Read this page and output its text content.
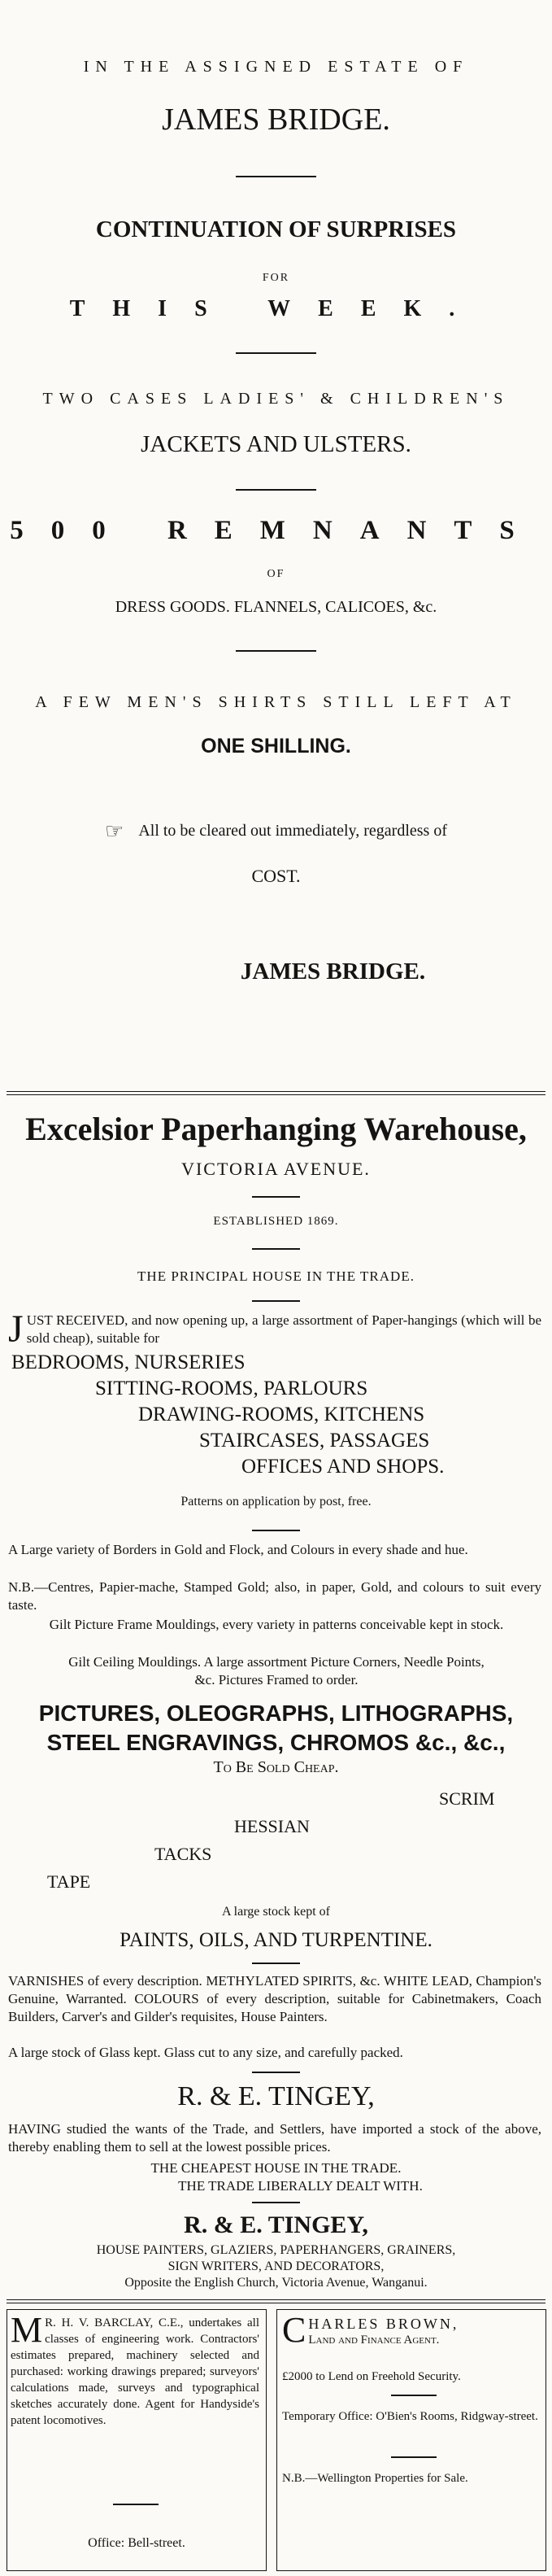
IN THE ASSIGNED ESTATE OF
JAMES BRIDGE.
CONTINUATION OF SURPRISES
FOR
THIS WEEK.
TWO CASES LADIES' & CHILDREN'S
JACKETS AND ULSTERS.
500 REMNANTS
OF
DRESS GOODS. FLANNELS, CALICOES, &c.
A FEW MEN'S SHIRTS STILL LEFT AT
ONE SHILLING.
☞ All to be cleared out immediately, regardless of
COST.
JAMES BRIDGE.
Excelsior Paperhanging Warehouse,
VICTORIA AVENUE.
ESTABLISHED 1869.
THE PRINCIPAL HOUSE IN THE TRADE.
J UST RECEIVED, and now opening up, a large assortment of Paper-hangings (which will be sold cheap), suitable for
BEDROOMS, NURSERIES
SITTING-ROOMS, PARLOURS
DRAWING-ROOMS, KITCHENS
STAIRCASES, PASSAGES
OFFICES AND SHOPS.
Patterns on application by post, free.
A Large variety of Borders in Gold and Flock, and Colours in every shade and hue.
N.B.—Centres, Papier-mache, Stamped Gold; also, in paper, Gold, and colours to suit every taste.
Gilt Picture Frame Mouldings, every variety in patterns conceivable kept in stock.
Gilt Ceiling Mouldings. A large assortment Picture Corners, Needle Points, &c. Pictures Framed to order.
PICTURES, OLEOGRAPHS, LITHOGRAPHS,
STEEL ENGRAVINGS, CHROMOS &c., &c.,
To Be Sold Cheap.
SCRIM
HESSIAN
TACKS
TAPE
A large stock kept of
PAINTS, OILS, AND TURPENTINE.
VARNISHES of every description. METHYLATED SPIRITS, &c. WHITE LEAD, Champion's Genuine, Warranted. COLOURS of every description, suitable for Cabinetmakers, Coach Builders, Carver's and Gilder's requisites, House Painters.
A large stock of Glass kept. Glass cut to any size, and carefully packed.
R. & E. TINGEY,
HAVING studied the wants of the Trade, and Settlers, have imported a stock of the above, thereby enabling them to sell at the lowest possible prices.
THE CHEAPEST HOUSE IN THE TRADE.
THE TRADE LIBERALLY DEALT WITH.
R. & E. TINGEY,
HOUSE PAINTERS, GLAZIERS, PAPERHANGERS, GRAINERS,
SIGN WRITERS, AND DECORATORS,
Opposite the English Church, Victoria Avenue, Wanganui.
M R. H. V. BARCLAY, C.E., undertakes all classes of engineering work. Contractors' estimates prepared, machinery selected and purchased: working drawings prepared; surveyors' calculations made, surveys and typographical sketches accurately done. Agent for Handyside's patent locomotives.
Office: Bell-street.
C HARLES BROWN,
Land and Finance Agent.
£2000 to Lend on Freehold Security.
Temporary Office: O'Bien's Rooms, Ridgway-street.
N.B.—Wellington Properties for Sale.
